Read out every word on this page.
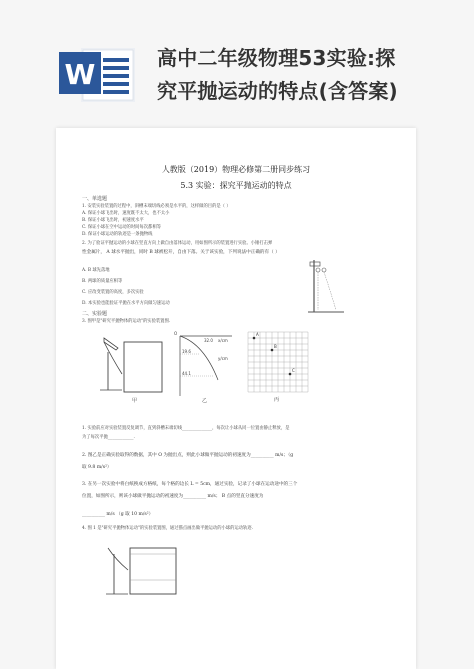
W	高中二年级物理53实验:探
究平抛运动的特点(含答案)
人教版（2019）物理必修第二册同步练习
5.3 实验：探究平抛运动的特点
一、单选题
1. 安装实验装置的过程中，斜槽末端切线必须是水平的，这样做的目的是（ ）
A. 保证小球飞出时，速度既不太大，也不太小
B. 保证小球飞出时，初速度水平
C. 保证小球在空中运动的时间每次都相等
D. 保证小球运动的轨迹是一条抛物线
2. 为了验证平抛运动的小球在竖直方向上做自由落体运动，用如图所示的装置进行实验。小锤打击弹
性金属片， A 球水平抛出，同时 B 球被松开，自由下落。关于该实验，下列说法中正确的有（ ）
A. B 球先落地
B. 两球的质量应相等
C. 应改变装置的高度，多次实验
D. 本实验也能验证平抛在水平方向做匀速运动
二、实验题
3. 图甲是"研究平抛物体的运动"的实验装置图.
甲
O
19.6
44.1
32.0
y/cm
x/cm
乙
A
B
C
丙
1. 实验前应对实验装置反复调节，直到斜槽末端切线______________，每次让小球从同一位置由静止释放，是
为了每次平抛____________.
2. 图乙是正确实验取得的数据，其中 O 为抛出点，则此小球做平抛运动的初速度为__________ m/s；（g
取 9.8 m/s²）
3. 在另一次实验中将白纸换成方格纸，每个格的边长 L = 5cm，通过实验，记录了小球在运动途中的三个
位置，如图所示，则该小球做平抛运动的初速度为__________ m/s； B 点的竖直分速度为
__________ m/s （g 取 10 m/s²）
4. 图 1 是"研究平抛物体运动"的实验装置图，通过描点画出做平抛运动的小球的运动轨迹.
